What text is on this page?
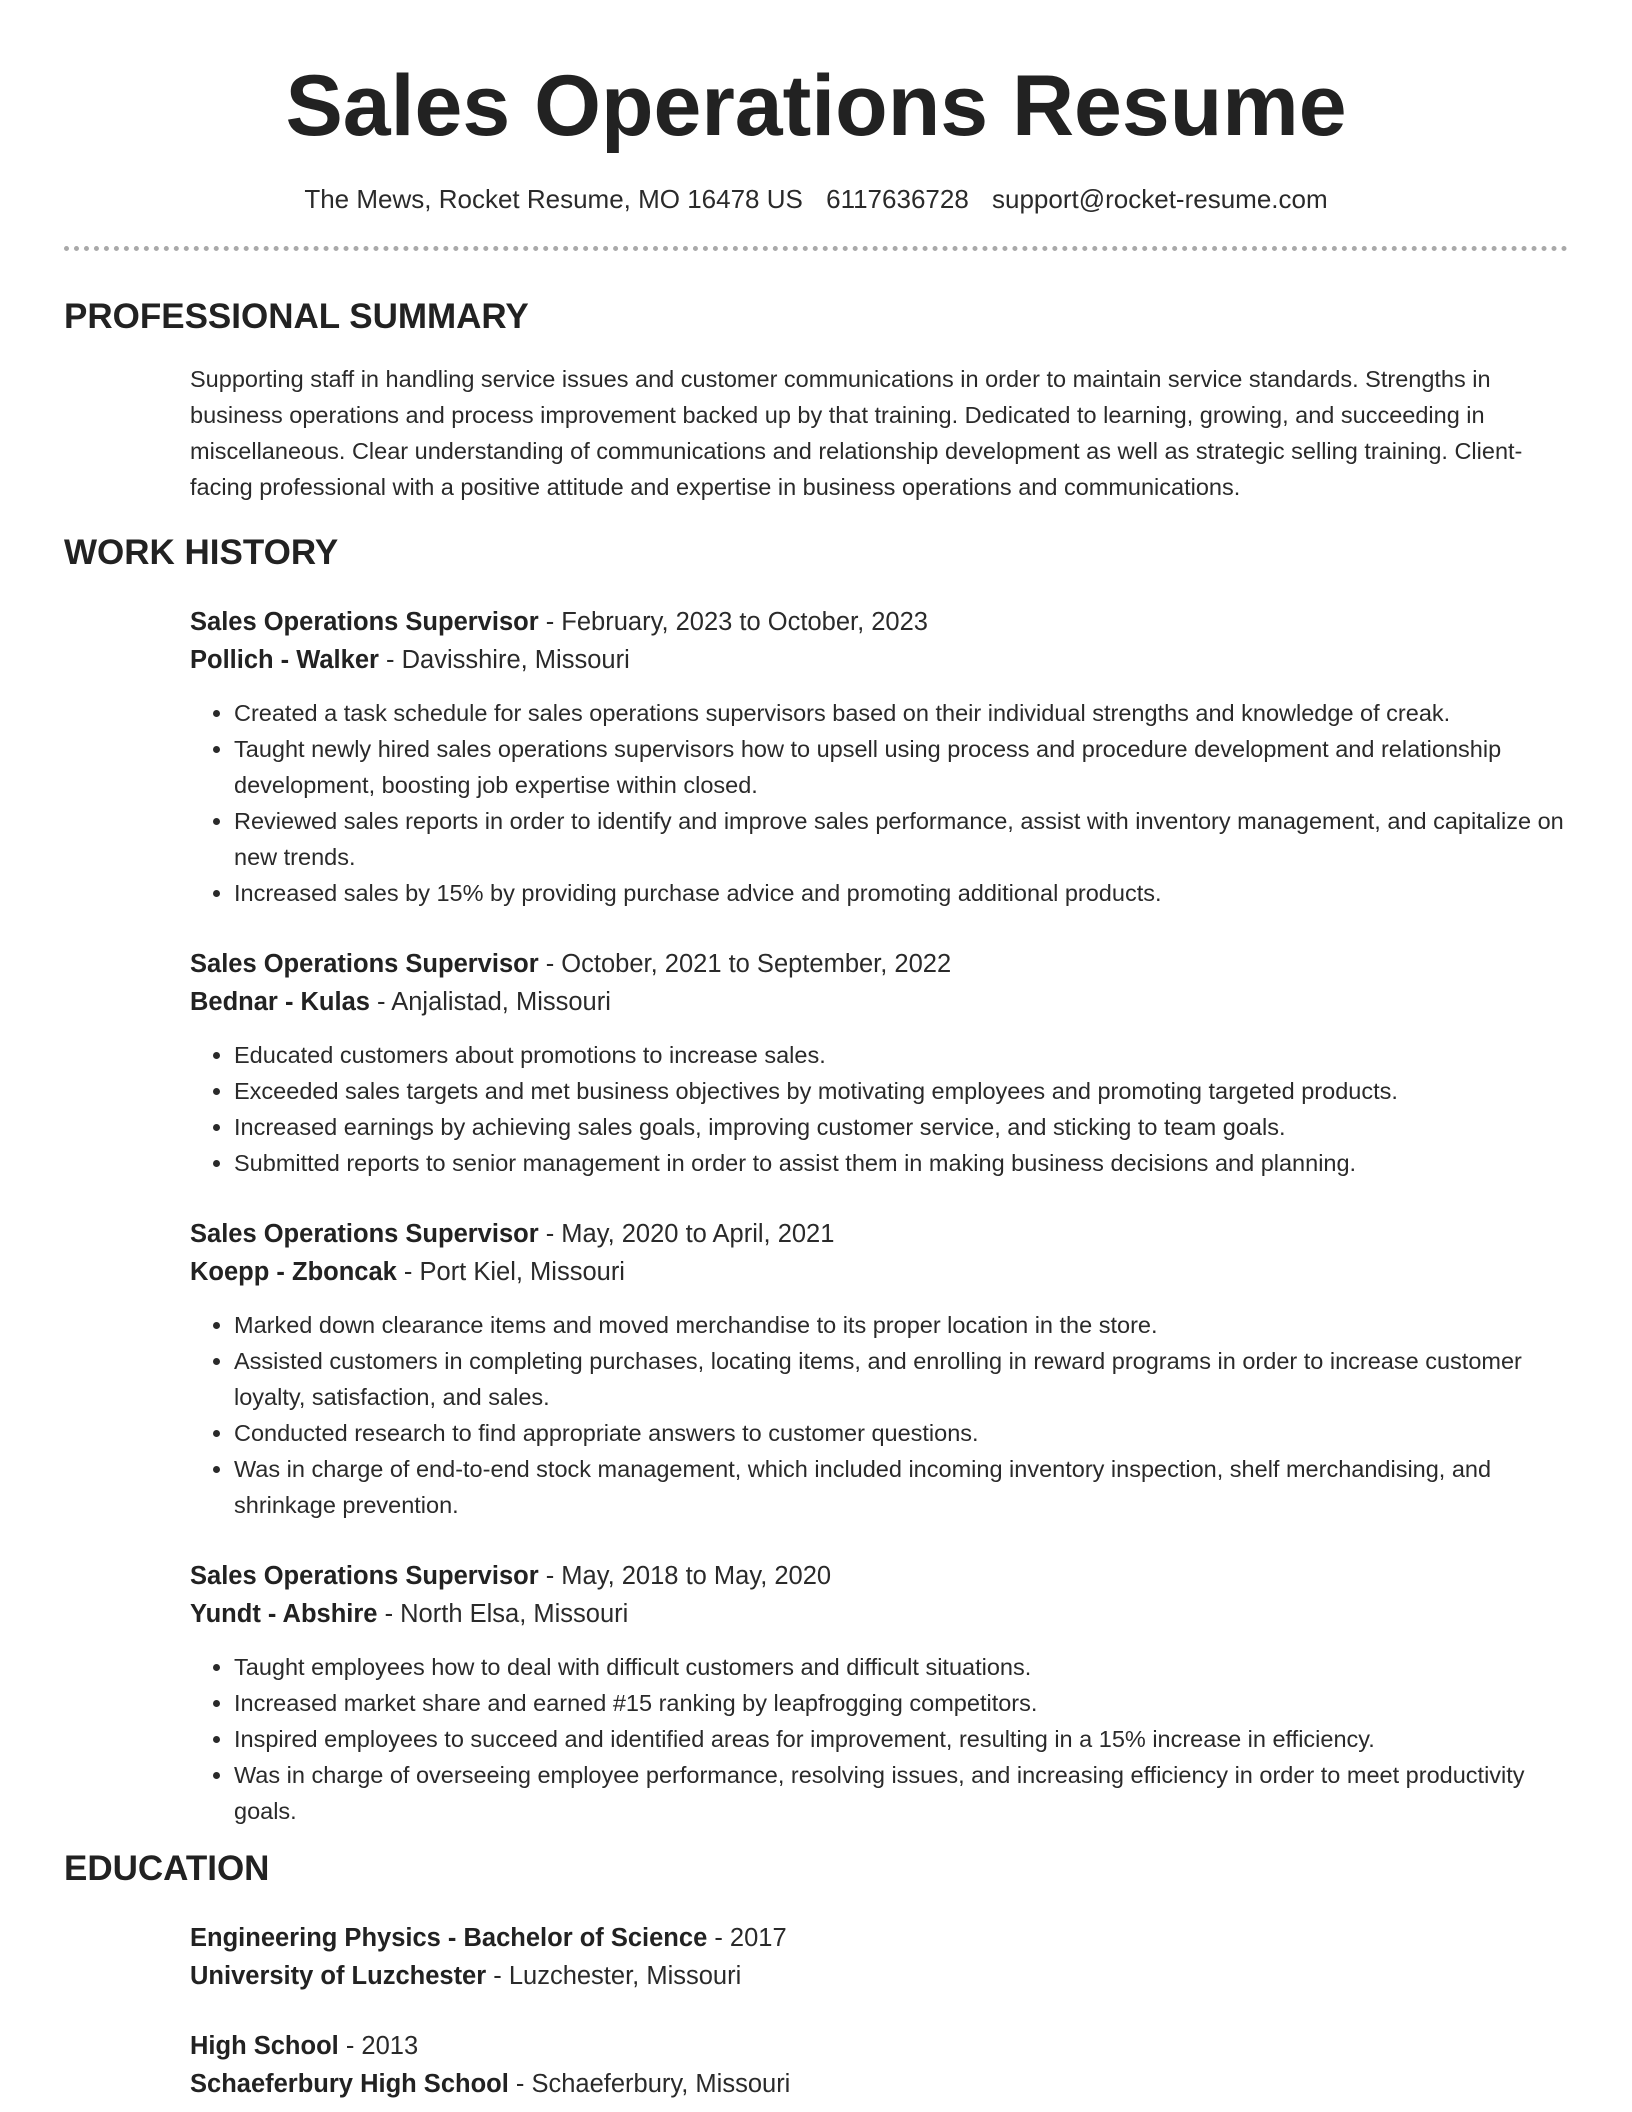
Sales Operations Resume
The Mews, Rocket Resume, MO 16478 US 6117636728 support@rocket-resume.com
PROFESSIONAL SUMMARY

Supporting staff in handling service issues and customer communications in order to maintain service standards. Strengths in business operations and process improvement backed up by that training. Dedicated to learning, growing, and succeeding in miscellaneous. Clear understanding of communications and relationship development as well as strategic selling training. Client-facing professional with a positive attitude and expertise in business operations and communications.

WORK HISTORY
Sales Operations Supervisor - February, 2023 to October, 2023
Pollich - Walker - Davisshire, Missouri
• Created a task schedule for sales operations supervisors based on their individual strengths and knowledge of creak.
• Taught newly hired sales operations supervisors how to upsell using process and procedure development and relationship development, boosting job expertise within closed.
• Reviewed sales reports in order to identify and improve sales performance, assist with inventory management, and capitalize on new trends.
• Increased sales by 15% by providing purchase advice and promoting additional products.
Sales Operations Supervisor - October, 2021 to September, 2022
Bednar - Kulas - Anjalistad, Missouri
• Educated customers about promotions to increase sales.
• Exceeded sales targets and met business objectives by motivating employees and promoting targeted products.
• Increased earnings by achieving sales goals, improving customer service, and sticking to team goals.
• Submitted reports to senior management in order to assist them in making business decisions and planning.
Sales Operations Supervisor - May, 2020 to April, 2021
Koepp - Zboncak - Port Kiel, Missouri
• Marked down clearance items and moved merchandise to its proper location in the store.
• Assisted customers in completing purchases, locating items, and enrolling in reward programs in order to increase customer loyalty, satisfaction, and sales.
• Conducted research to find appropriate answers to customer questions.
• Was in charge of end-to-end stock management, which included incoming inventory inspection, shelf merchandising, and shrinkage prevention.
Sales Operations Supervisor - May, 2018 to May, 2020
Yundt - Abshire - North Elsa, Missouri
• Taught employees how to deal with difficult customers and difficult situations.
• Increased market share and earned #15 ranking by leapfrogging competitors.
• Inspired employees to succeed and identified areas for improvement, resulting in a 15% increase in efficiency.
• Was in charge of overseeing employee performance, resolving issues, and increasing efficiency in order to meet productivity goals.
EDUCATION
Engineering Physics - Bachelor of Science - 2017
University of Luzchester - Luzchester, Missouri
High School - 2013
Schaeferbury High School - Schaeferbury, Missouri
